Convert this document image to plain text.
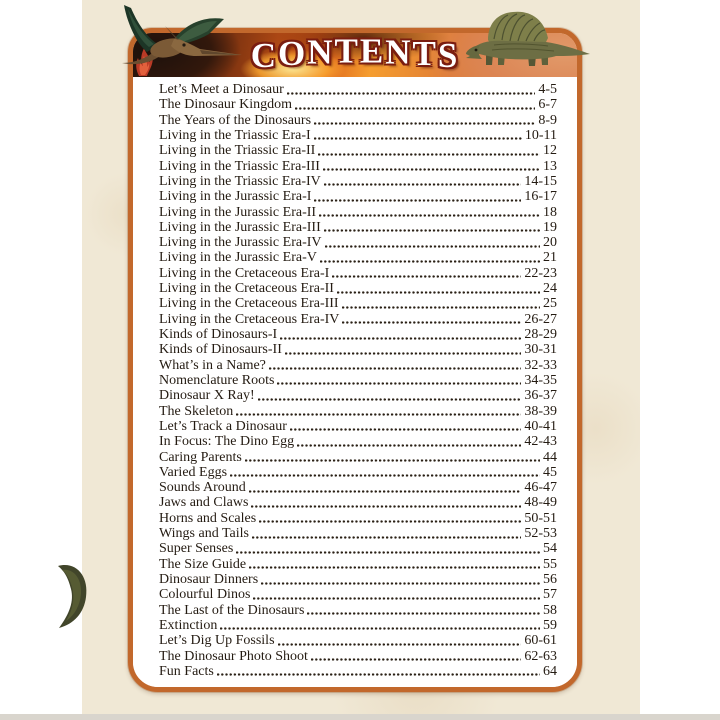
CONTENTS
Let’s Meet a Dinosaur	4-5
The Dinosaur Kingdom	6-7
The Years of the Dinosaurs	8-9
Living in the Triassic Era-I	10-11
Living in the Triassic Era-II	12
Living in the Triassic Era-III	13
Living in the Triassic Era-IV	14-15
Living in the Jurassic Era-I	16-17
Living in the Jurassic Era-II	18
Living in the Jurassic Era-III	19
Living in the Jurassic Era-IV	20
Living in the Jurassic Era-V	21
Living in the Cretaceous Era-I	22-23
Living in the Cretaceous Era-II	24
Living in the Cretaceous Era-III	25
Living in the Cretaceous Era-IV	26-27
Kinds of Dinosaurs-I	28-29
Kinds of Dinosaurs-II	30-31
What’s in a Name?	32-33
Nomenclature Roots	34-35
Dinosaur X Ray!	36-37
The Skeleton	38-39
Let’s Track a Dinosaur	40-41
In Focus: The Dino Egg	42-43
Caring Parents	44
Varied Eggs	45
Sounds Around	46-47
Jaws and Claws	48-49
Horns and Scales	50-51
Wings and Tails	52-53
Super Senses	54
The Size Guide	55
Dinosaur Dinners	56
Colourful Dinos	57
The Last of the Dinosaurs	58
Extinction	59
Let’s Dig Up Fossils	60-61
The Dinosaur Photo Shoot	62-63
Fun Facts	64
